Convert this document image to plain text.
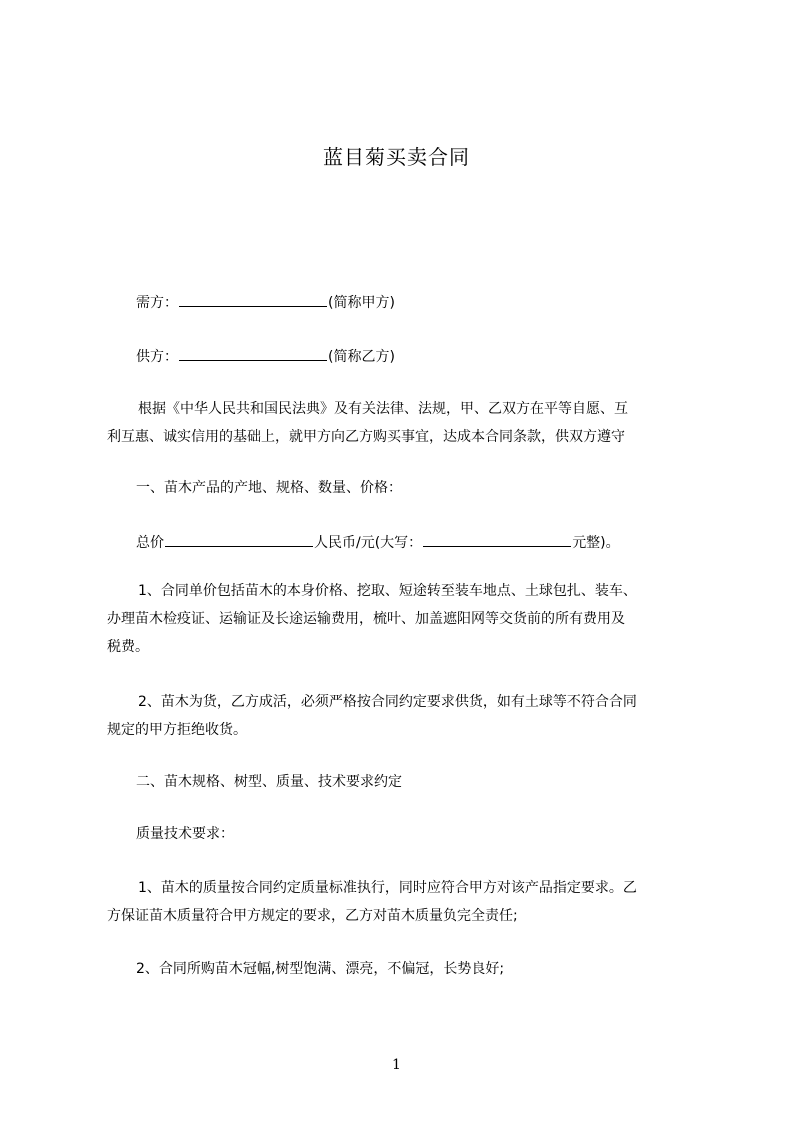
蓝目菊买卖合同
需方：	(简称甲方)
供方：	(简称乙方)
根据《中华人民共和国民法典》及有关法律、法规，甲、乙双方在平等自愿、互
利互惠、诚实信用的基础上，就甲方向乙方购买事宜，达成本合同条款，供双方遵守
一、苗木产品的产地、规格、数量、价格：
总价	人民币/元(大写：	元整)。
1、合同单价包括苗木的本身价格、挖取、短途转至装车地点、土球包扎、装车、
办理苗木检疫证、运输证及长途运输费用，梳叶、加盖遮阳网等交货前的所有费用及
税费。
2、苗木为货，乙方成活，必须严格按合同约定要求供货，如有土球等不符合合同
规定的甲方拒绝收货。
二、苗木规格、树型、质量、技术要求约定
质量技术要求：
1、苗木的质量按合同约定质量标准执行，同时应符合甲方对该产品指定要求。乙
方保证苗木质量符合甲方规定的要求，乙方对苗木质量负完全责任;
2、合同所购苗木冠幅,树型饱满、漂亮，不偏冠，长势良好;
1
